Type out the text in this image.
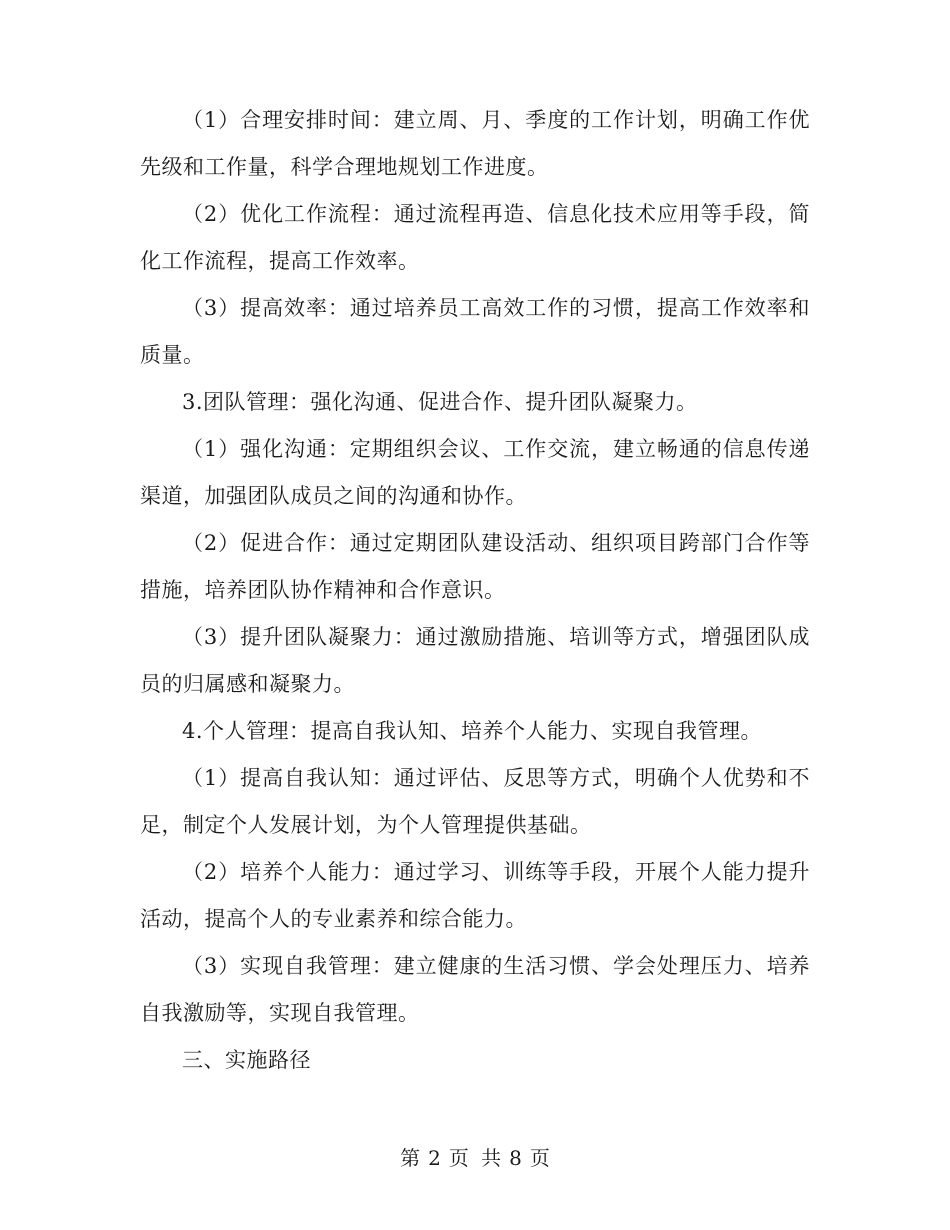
（1）合理安排时间：建立周、月、季度的工作计划，明确工作优先级和工作量，科学合理地规划工作进度。

（2）优化工作流程：通过流程再造、信息化技术应用等手段，简化工作流程，提高工作效率。

（3）提高效率：通过培养员工高效工作的习惯，提高工作效率和质量。

3.团队管理：强化沟通、促进合作、提升团队凝聚力。

（1）强化沟通：定期组织会议、工作交流，建立畅通的信息传递渠道，加强团队成员之间的沟通和协作。

（2）促进合作：通过定期团队建设活动、组织项目跨部门合作等措施，培养团队协作精神和合作意识。

（3）提升团队凝聚力：通过激励措施、培训等方式，增强团队成员的归属感和凝聚力。

4.个人管理：提高自我认知、培养个人能力、实现自我管理。

（1）提高自我认知：通过评估、反思等方式，明确个人优势和不足，制定个人发展计划，为个人管理提供基础。

（2）培养个人能力：通过学习、训练等手段，开展个人能力提升活动，提高个人的专业素养和综合能力。

（3）实现自我管理：建立健康的生活习惯、学会处理压力、培养自我激励等，实现自我管理。

三、实施路径

第 2 页 共 8 页
